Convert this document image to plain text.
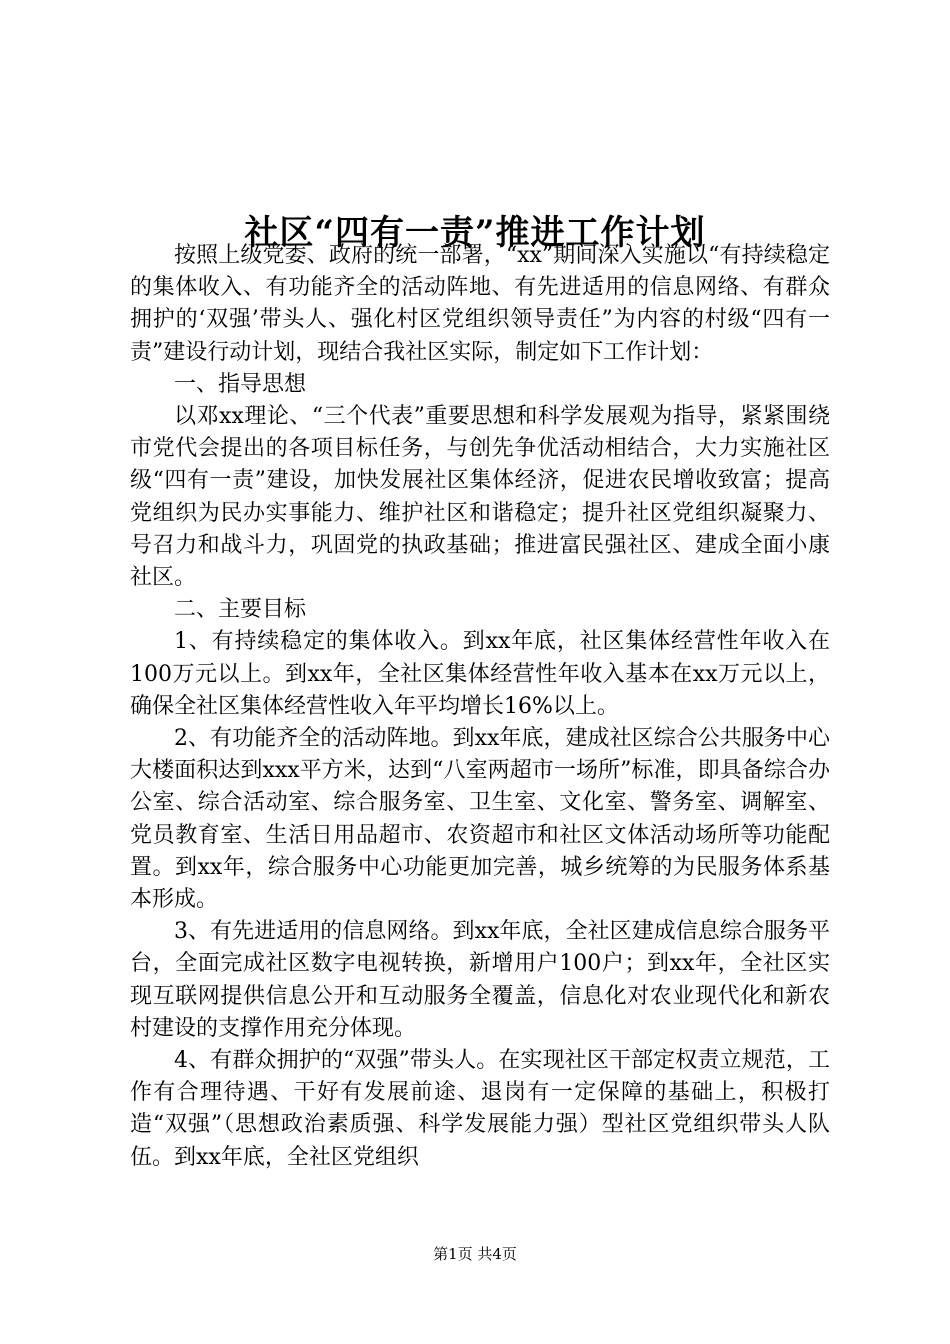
社区“四有一责”推进工作计划

按照上级党委、政府的统一部署，“xx”期间深入实施以“有持续稳定的集体收入、有功能齐全的活动阵地、有先进适用的信息网络、有群众拥护的‘双强’带头人、强化村区党组织领导责任”为内容的村级“四有一责”建设行动计划，现结合我社区实际，制定如下工作计划：

一、指导思想

以邓xx理论、“三个代表”重要思想和科学发展观为指导，紧紧围绕市党代会提出的各项目标任务，与创先争优活动相结合，大力实施社区级“四有一责”建设，加快发展社区集体经济，促进农民增收致富；提高党组织为民办实事能力、维护社区和谐稳定；提升社区党组织凝聚力、号召力和战斗力，巩固党的执政基础；推进富民强社区、建成全面小康社区。

二、主要目标

1、有持续稳定的集体收入。到xx年底，社区集体经营性年收入在100万元以上。到xx年，全社区集体经营性年收入基本在xx万元以上，确保全社区集体经营性收入年平均增长16%以上。

2、有功能齐全的活动阵地。到xx年底，建成社区综合公共服务中心大楼面积达到xxx平方米，达到“八室两超市一场所”标准，即具备综合办公室、综合活动室、综合服务室、卫生室、文化室、警务室、调解室、党员教育室、生活日用品超市、农资超市和社区文体活动场所等功能配置。到xx年，综合服务中心功能更加完善，城乡统筹的为民服务体系基本形成。

3、有先进适用的信息网络。到xx年底，全社区建成信息综合服务平台，全面完成社区数字电视转换，新增用户100户；到xx年，全社区实现互联网提供信息公开和互动服务全覆盖，信息化对农业现代化和新农村建设的支撑作用充分体现。

4、有群众拥护的“双强”带头人。在实现社区干部定权责立规范，工作有合理待遇、干好有发展前途、退岗有一定保障的基础上，积极打造“双强”（思想政治素质强、科学发展能力强）型社区党组织带头人队伍。到xx年底，全社区党组织

第1页 共4页
